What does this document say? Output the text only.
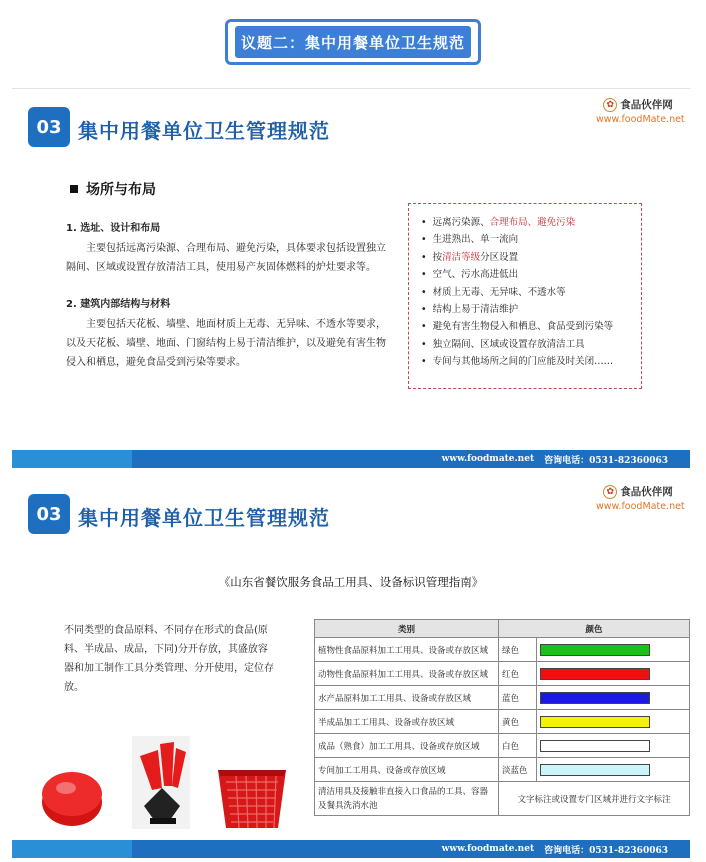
议题二：集中用餐单位卫生规范
03 集中用餐单位卫生管理规范
✿ 食品伙伴网
www.foodMate.net
场所与布局
1. 选址、设计和布局

主要包括远离污染源、合理布局、避免污染，具体要求包括设置独立隔间、区域或设置存放清洁工具，使用易产灰固体燃料的炉灶要求等。

2. 建筑内部结构与材料

主要包括天花板、墙壁、地面材质上无毒、无异味、不透水等要求，以及天花板、墙壁、地面、门窗结构上易于清洁维护，以及避免有害生物侵入和栖息，避免食品受到污染等要求。

• 远离污染源、合理布局、避免污染
• 生进熟出、单一流向
• 按清洁等级分区设置
• 空气、污水高进低出
• 材质上无毒、无异味、不透水等
• 结构上易于清洁维护
• 避免有害生物侵入和栖息、食品受到污染等
• 独立隔间、区域或设置存放清洁工具
• 专间与其他场所之间的门应能及时关闭……
www.foodmate.net 咨询电话：0531-82360063
03 集中用餐单位卫生管理规范
✿ 食品伙伴网
www.foodMate.net
《山东省餐饮服务食品工用具、设备标识管理指南》
不同类型的食品原料、不同存在形式的食品(原料、半成品、成品，下同)分开存放，其盛放容器和加工制作工具分类管理、分开使用，定位存放。
类别	颜色	
植物性食品原料加工工用具、设备或存放区域	绿色	

动物性食品原料加工工用具、设备或存放区域	红色	

水产品原料加工工用具、设备或存放区域	蓝色	

半成品加工工用具、设备或存放区域	黄色	

成品（熟食）加工工用具、设备或存放区域	白色	

专间加工工用具、设备或存放区域	淡蓝色	

清洁用具及接触非直接入口食品的工具、容器及餐具洗消水池	文字标注或设置专门区域并进行文字标注	
www.foodmate.net 咨询电话：0531-82360063
